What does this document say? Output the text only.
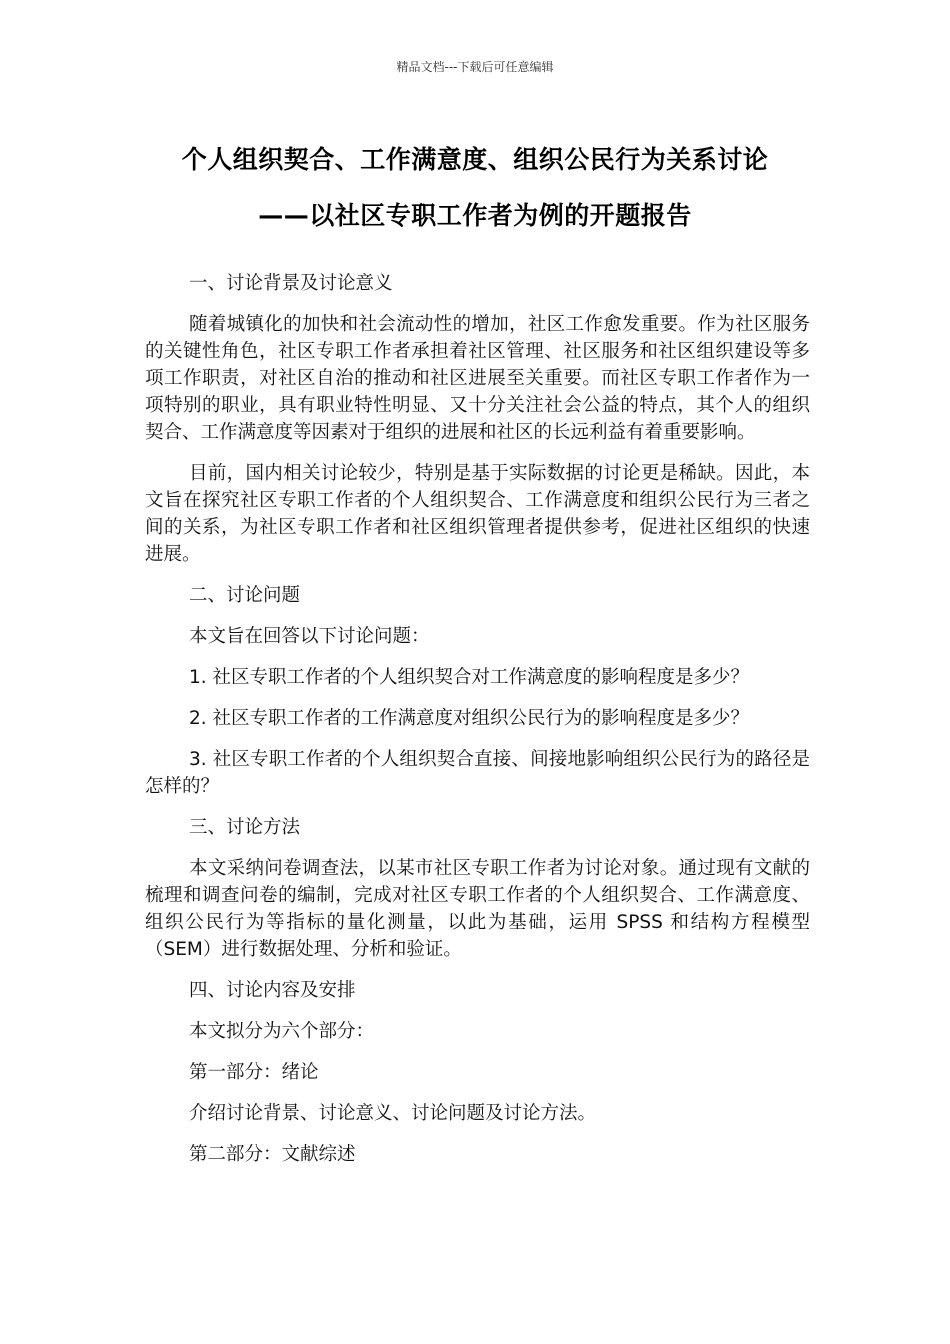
精品文档---下载后可任意编辑
个人组织契合、工作满意度、组织公民行为关系讨论
——以社区专职工作者为例的开题报告

一、讨论背景及讨论意义

随着城镇化的加快和社会流动性的增加，社区工作愈发重要。作为社区服务的关键性角色，社区专职工作者承担着社区管理、社区服务和社区组织建设等多项工作职责，对社区自治的推动和社区进展至关重要。而社区专职工作者作为一项特别的职业，具有职业特性明显、又十分关注社会公益的特点，其个人的组织契合、工作满意度等因素对于组织的进展和社区的长远利益有着重要影响。

目前，国内相关讨论较少，特别是基于实际数据的讨论更是稀缺。因此，本文旨在探究社区专职工作者的个人组织契合、工作满意度和组织公民行为三者之间的关系，为社区专职工作者和社区组织管理者提供参考，促进社区组织的快速进展。

二、讨论问题

本文旨在回答以下讨论问题：

1. 社区专职工作者的个人组织契合对工作满意度的影响程度是多少？

2. 社区专职工作者的工作满意度对组织公民行为的影响程度是多少？

3. 社区专职工作者的个人组织契合直接、间接地影响组织公民行为的路径是怎样的？

三、讨论方法

本文采纳问卷调查法，以某市社区专职工作者为讨论对象。通过现有文献的梳理和调查问卷的编制，完成对社区专职工作者的个人组织契合、工作满意度、组织公民行为等指标的量化测量，以此为基础，运用 SPSS 和结构方程模型（SEM）进行数据处理、分析和验证。

四、讨论内容及安排

本文拟分为六个部分：

第一部分：绪论

介绍讨论背景、讨论意义、讨论问题及讨论方法。

第二部分：文献综述
